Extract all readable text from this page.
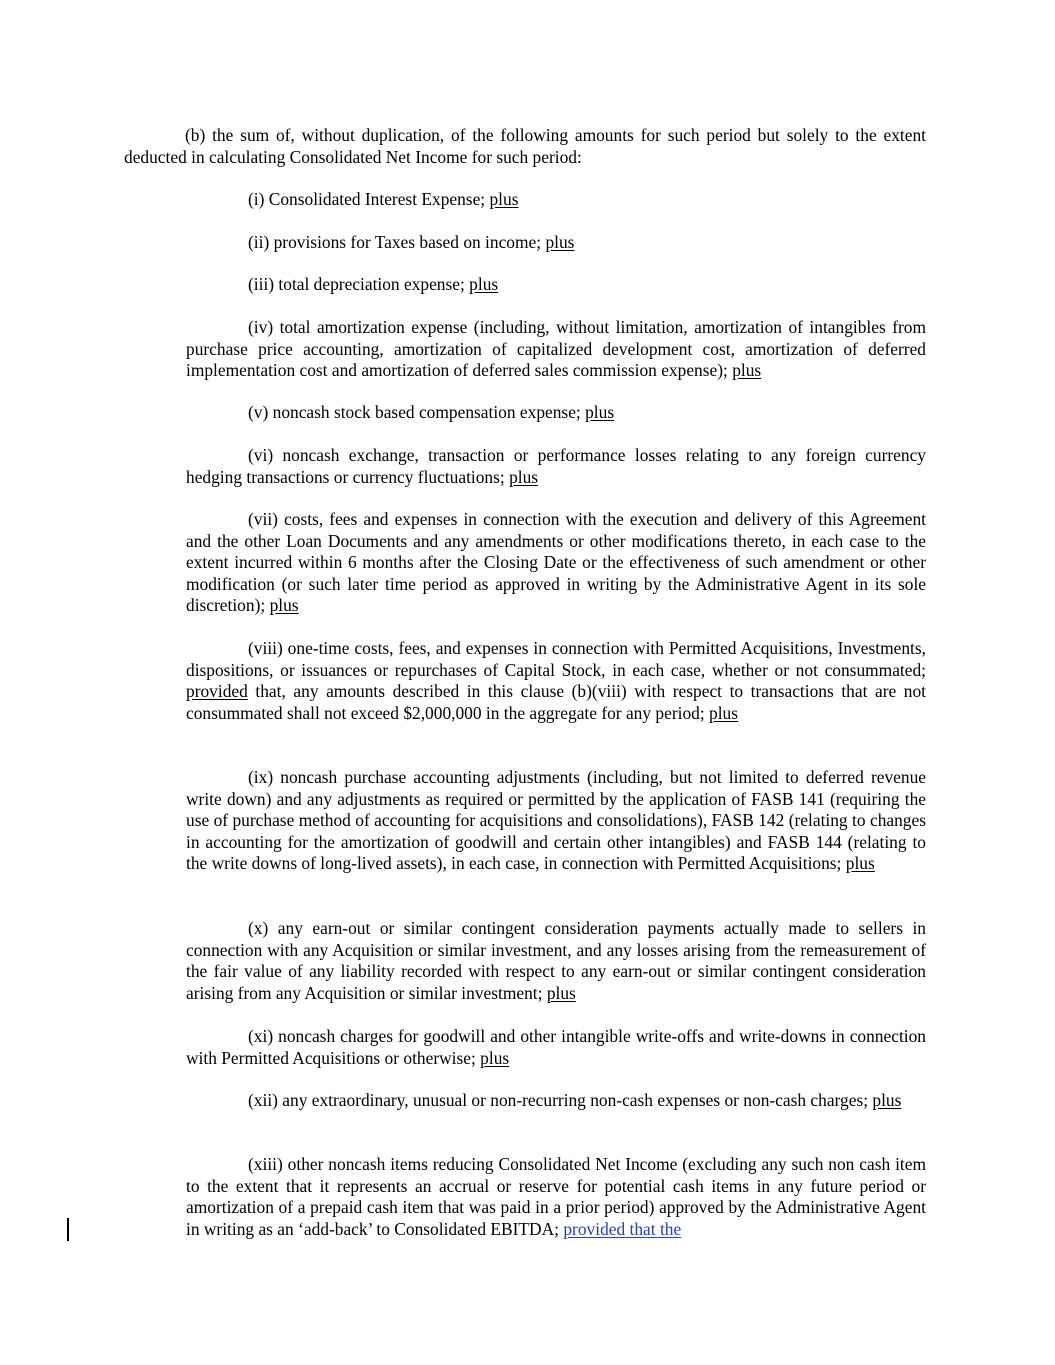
(b) the sum of, without duplication, of the following amounts for such period but solely to the extent deducted in calculating Consolidated Net Income for such period:

(i) Consolidated Interest Expense; plus

(ii) provisions for Taxes based on income; plus

(iii) total depreciation expense; plus

(iv) total amortization expense (including, without limitation, amortization of intangibles from purchase price accounting, amortization of capitalized development cost, amortization of deferred implementation cost and amortization of deferred sales commission expense); plus

(v) noncash stock based compensation expense; plus

(vi) noncash exchange, transaction or performance losses relating to any foreign currency hedging transactions or currency fluctuations; plus

(vii) costs, fees and expenses in connection with the execution and delivery of this Agreement and the other Loan Documents and any amendments or other modifications thereto, in each case to the extent incurred within 6 months after the Closing Date or the effectiveness of such amendment or other modification (or such later time period as approved in writing by the Administrative Agent in its sole discretion); plus

(viii) one-time costs, fees, and expenses in connection with Permitted Acquisitions, Investments, dispositions, or issuances or repurchases of Capital Stock, in each case, whether or not consummated; provided that, any amounts described in this clause (b)(viii) with respect to transactions that are not consummated shall not exceed $2,000,000 in the aggregate for any period; plus

(ix) noncash purchase accounting adjustments (including, but not limited to deferred revenue write down) and any adjustments as required or permitted by the application of FASB 141 (requiring the use of purchase method of accounting for acquisitions and consolidations), FASB 142 (relating to changes in accounting for the amortization of goodwill and certain other intangibles) and FASB 144 (relating to the write downs of long-lived assets), in each case, in connection with Permitted Acquisitions; plus

(x) any earn-out or similar contingent consideration payments actually made to sellers in connection with any Acquisition or similar investment, and any losses arising from the remeasurement of the fair value of any liability recorded with respect to any earn-out or similar contingent consideration arising from any Acquisition or similar investment; plus

(xi) noncash charges for goodwill and other intangible write-offs and write-downs in connection with Permitted Acquisitions or otherwise; plus

(xii) any extraordinary, unusual or non-recurring non-cash expenses or non-cash charges; plus

(xiii) other noncash items reducing Consolidated Net Income (excluding any such non cash item to the extent that it represents an accrual or reserve for potential cash items in any future period or amortization of a prepaid cash item that was paid in a prior period) approved by the Administrative Agent in writing as an ‘add-back’ to Consolidated EBITDA; provided that the
